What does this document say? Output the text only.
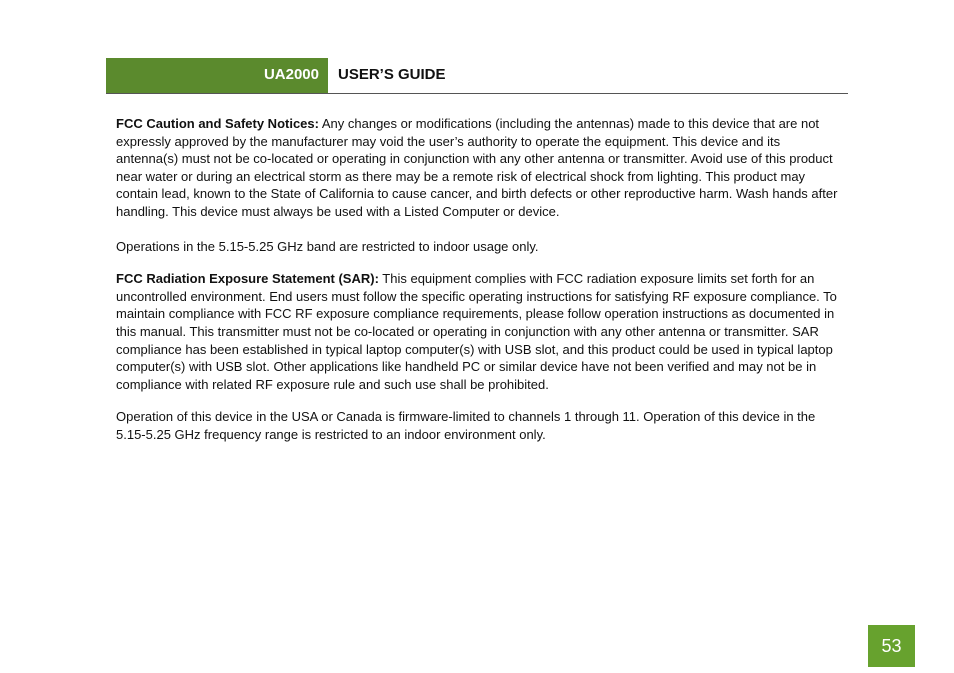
UA2000 USER’S GUIDE

FCC Caution and Safety Notices: Any changes or modifications (including the antennas) made to this device that are not expressly approved by the manufacturer may void the user’s authority to operate the equipment. This device and its antenna(s) must not be co-located or operating in conjunction with any other antenna or transmitter. Avoid use of this product near water or during an electrical storm as there may be a remote risk of electrical shock from lighting. This product may contain lead, known to the State of California to cause cancer, and birth defects or other reproductive harm. Wash hands after handling. This device must always be used with a Listed Computer or device.

Operations in the 5.15-5.25 GHz band are restricted to indoor usage only.

FCC Radiation Exposure Statement (SAR): This equipment complies with FCC radiation exposure limits set forth for an uncontrolled environment. End users must follow the specific operating instructions for satisfying RF exposure compliance. To maintain compliance with FCC RF exposure compliance requirements, please follow operation instructions as documented in this manual. This transmitter must not be co-located or operating in conjunction with any other antenna or transmitter. SAR compliance has been established in typical laptop computer(s) with USB slot, and this product could be used in typical laptop computer(s) with USB slot. Other applications like handheld PC or similar device have not been verified and may not be in compliance with related RF exposure rule and such use shall be prohibited.

Operation of this device in the USA or Canada is firmware-limited to channels 1 through 11. Operation of this device in the 5.15-5.25 GHz frequency range is restricted to an indoor environment only.

53
